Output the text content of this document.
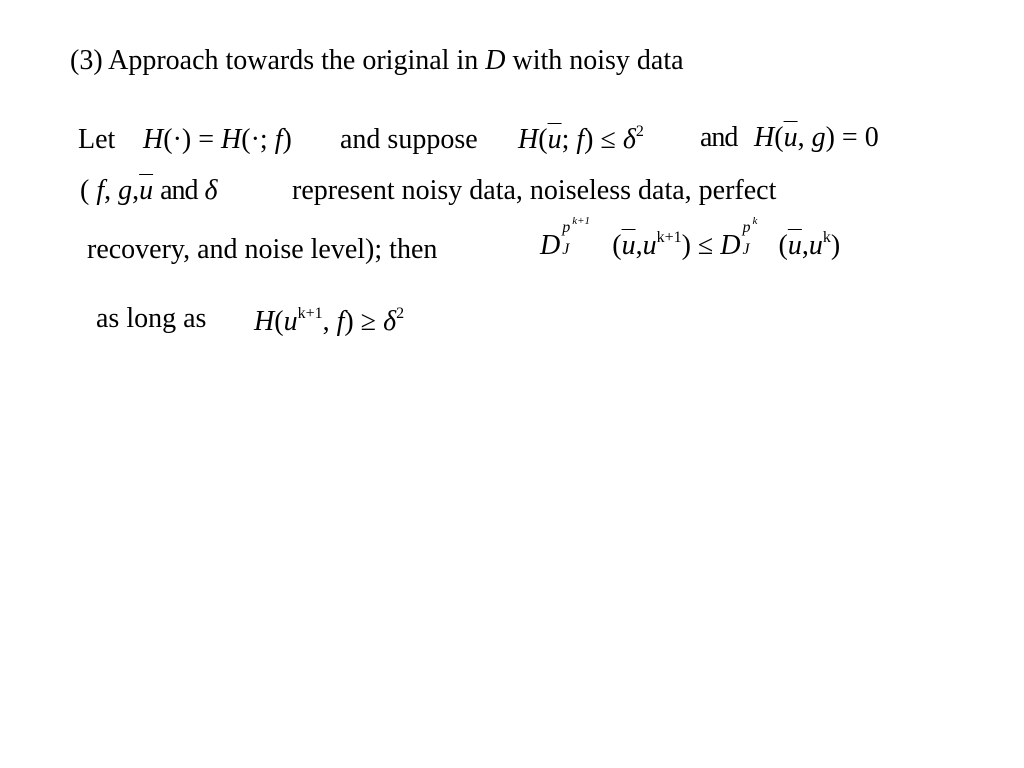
(3) Approach towards the original in D with noisy data
Let H(·) = H(·; f) and suppose $H(\overline{u}$; $f) \le \delta^2$ and $H(\overline{u}$, g) = 0
( f, $g,\overline{u}$ and δ	represent noisy data, noiseless data, perfect
recovery, and noise level); then	D
p k+1
J $(\overline{u},u^{k+1}) \le D$
p k
J $(\overline{u},u^k)$
as long as $H(u^{k+1}$, $f) \ge \delta^2$
